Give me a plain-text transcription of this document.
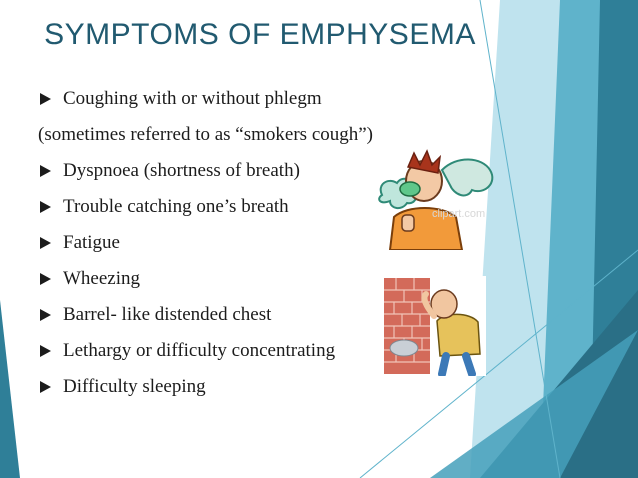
SYMPTOMS OF EMPHYSEMA
Coughing with or without phlegm
(sometimes referred to as “smokers cough”)
Dyspnoea (shortness of breath)
Trouble catching one’s breath
Fatigue
Wheezing
Barrel- like distended chest
Lethargy or difficulty concentrating
Difficulty sleeping
clipart.com
